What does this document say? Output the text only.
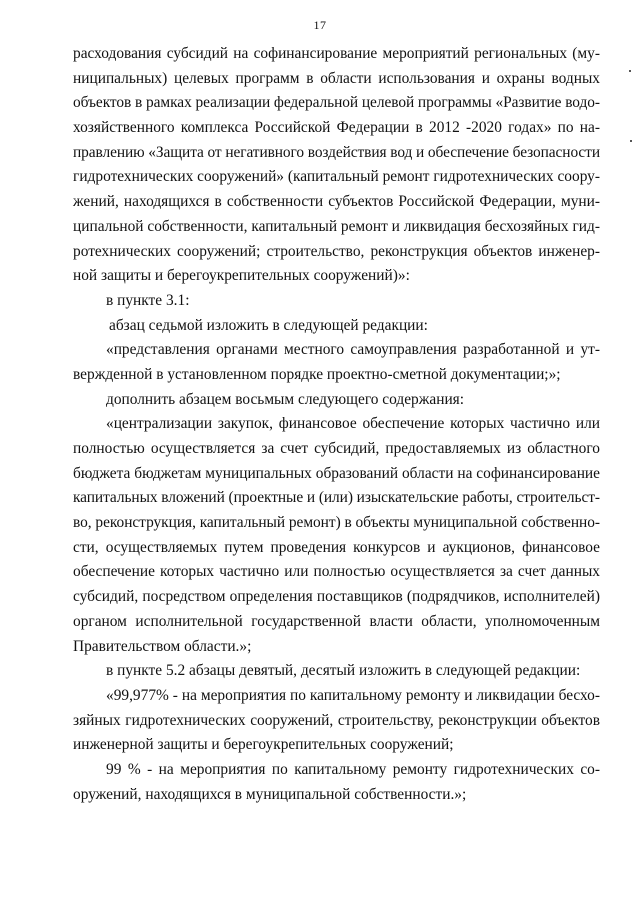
17
расходования субсидий на софинансирование мероприятий региональных (му-
ниципальных) целевых программ в области использования и охраны водных
объектов в рамках реализации федеральной целевой программы «Развитие водо-
хозяйственного комплекса Российской Федерации в 2012 -2020 годах» по на-
правлению «Защита от негативного воздействия вод и обеспечение безопасности
гидротехнических сооружений» (капитальный ремонт гидротехнических соору-
жений, находящихся в собственности субъектов Российской Федерации, муни-
ципальной собственности, капитальный ремонт и ликвидация бесхозяйных гид-
ротехнических сооружений; строительство, реконструкция объектов инженер-
ной защиты и берегоукрепительных сооружений)»:
в пункте 3.1:
абзац седьмой изложить в следующей редакции:
«представления органами местного самоуправления разработанной и ут-
вержденной в установленном порядке проектно-сметной документации;»;
дополнить абзацем восьмым следующего содержания:
«централизации закупок, финансовое обеспечение которых частично или
полностью осуществляется за счет субсидий, предоставляемых из областного
бюджета бюджетам муниципальных образований области на софинансирование
капитальных вложений (проектные и (или) изыскательские работы, строительст-
во, реконструкция, капитальный ремонт) в объекты муниципальной собственно-
сти, осуществляемых путем проведения конкурсов и аукционов, финансовое
обеспечение которых частично или полностью осуществляется за счет данных
субсидий, посредством определения поставщиков (подрядчиков, исполнителей)
органом исполнительной государственной власти области, уполномоченным
Правительством области.»;
в пункте 5.2 абзацы девятый, десятый изложить в следующей редакции:
«99,977% - на мероприятия по капитальному ремонту и ликвидации бесхо-
зяйных гидротехнических сооружений, строительству, реконструкции объектов
инженерной защиты и берегоукрепительных сооружений;
99 % - на мероприятия по капитальному ремонту гидротехнических со-
оружений, находящихся в муниципальной собственности.»;
